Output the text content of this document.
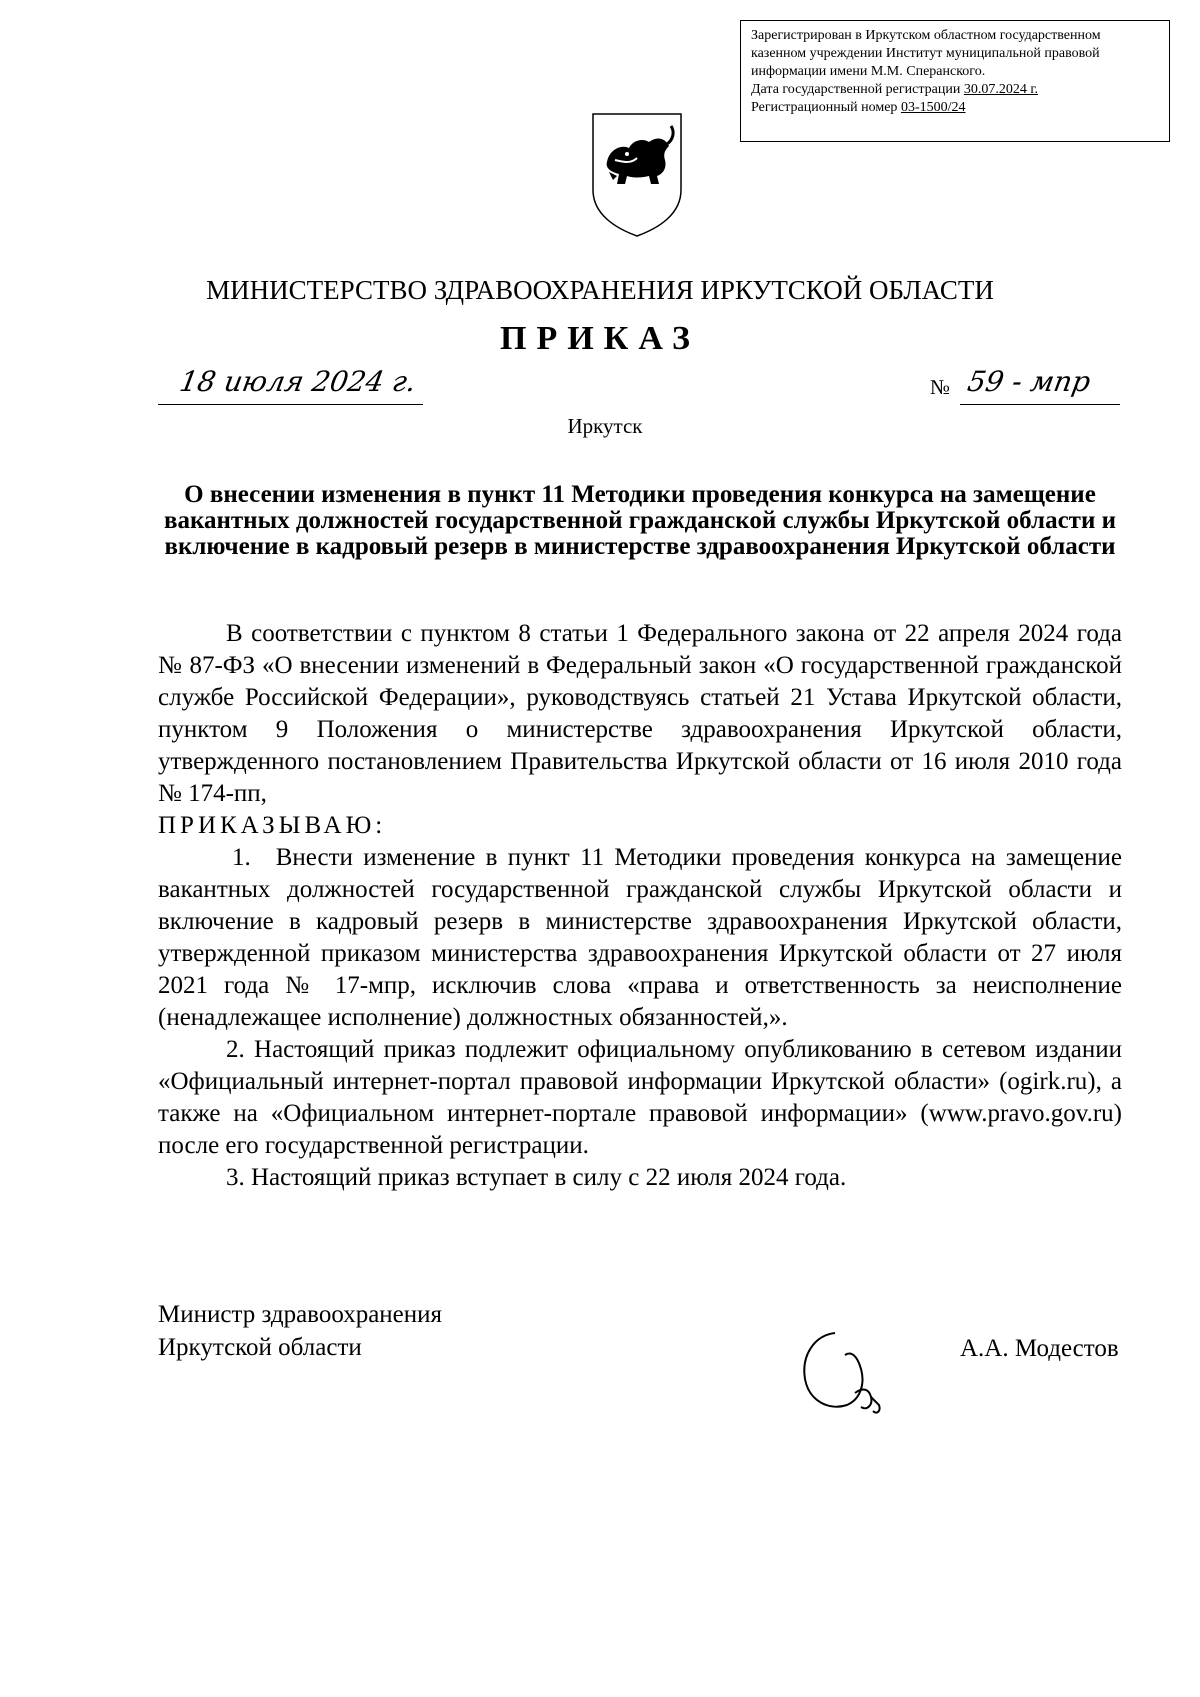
Зарегистрирован в Иркутском областном государственном
казенном учреждении Институт муниципальной правовой
информации имени М.М. Сперанского.
Дата государственной регистрации 30.07.2024 г.
Регистрационный номер 03-1500/24
МИНИСТЕРСТВО ЗДРАВООХРАНЕНИЯ ИРКУТСКОЙ ОБЛАСТИ
ПРИКАЗ
18 июля 2024 г.	№ 59 - мпр
Иркутск
О внесении изменения в пункт 11 Методики проведения конкурса на замещение вакантных должностей государственной гражданской службы Иркутской области и включение в кадровый резерв в министерстве здравоохранения Иркутской области

В соответствии с пунктом 8 статьи 1 Федерального закона от 22 апреля 2024 года № 87-ФЗ «О внесении изменений в Федеральный закон «О государственной гражданской службе Российской Федерации», руководствуясь статьей 21 Устава Иркутской области, пунктом 9 Положения о министерстве здравоохранения Иркутской области, утвержденного постановлением Правительства Иркутской области от 16 июля 2010 года № 174-пп,

ПРИКАЗЫВАЮ:

1. Внести изменение в пункт 11 Методики проведения конкурса на замещение вакантных должностей государственной гражданской службы Иркутской области и включение в кадровый резерв в министерстве здравоохранения Иркутской области, утвержденной приказом министерства здравоохранения Иркутской области от 27 июля 2021 года № 17-мпр, исключив слова «права и ответственность за неисполнение (ненадлежащее исполнение) должностных обязанностей,».

2. Настоящий приказ подлежит официальному опубликованию в сетевом издании «Официальный интернет-портал правовой информации Иркутской области» (ogirk.ru), а также на «Официальном интернет-портале правовой информации» (www.pravo.gov.ru) после его государственной регистрации.

3. Настоящий приказ вступает в силу с 22 июля 2024 года.

Министр здравоохранения
Иркутской области	А.А. Модестов
